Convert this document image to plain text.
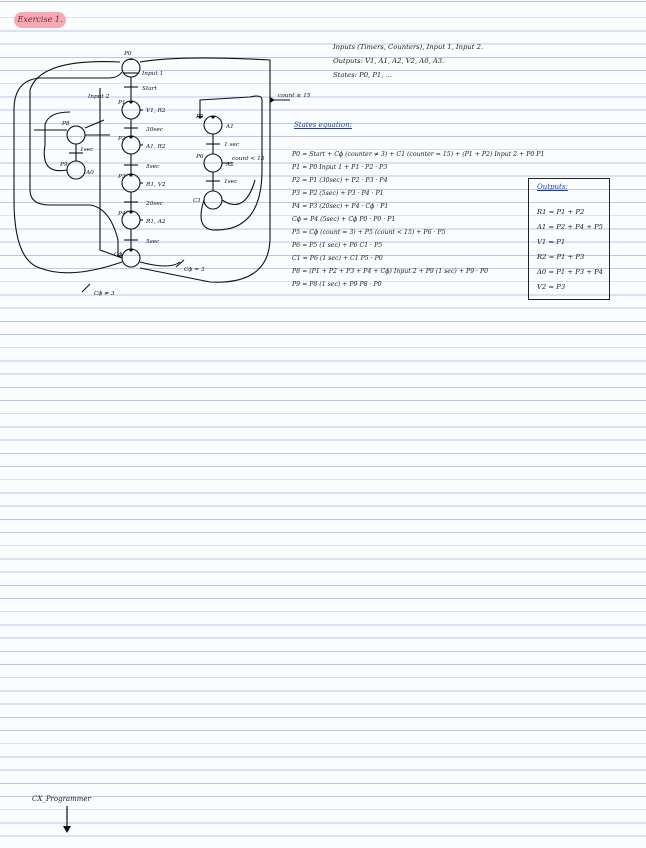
Exercise 1.
P0
P1
P2
P3
P4
Cϕ
P5
P6
C1
P8
P9
V1, R2
A1, R2
R1, V2
R1, A2
A1
A2
A0
Input 1
Start
30sec
5sec
20sec
5sec
1 sec
1sec
1sec
count ≥ 15
Cϕ = 3
Cϕ ≠ 3
Input 2
count < 15
Inputs (Timers, Counters), Input 1, Input 2.
Outputs: V1, A1, A2, V2, A0, A3.
States: P0, P1, ...
States equation:
P0 = Start + Cϕ (counter ≠ 3) + C1 (counter = 15) + (P1 + P2) Input 2 + P0 P1
P1 = P0 Input 1 + P1 · P2 · P3
P2 = P1 (30sec) + P2 · P3 · P4
P3 = P2 (5sec) + P3 · P4 · P1
P4 = P3 (20sec) + P4 · Cϕ · P1
Cϕ = P4 (5sec) + Cϕ P0 · P0 · P1
P5 = Cϕ (count = 3) + P5 (count < 15) + P6 · P5
P6 = P5 (1 sec) + P6 C1 · P5
C1 = P6 (1 sec) + C1 P5 · P0
P8 = (P1 + P2 + P3 + P4 + Cϕ) Input 2 + P9 (1 sec) + P9 · P0
P9 = P8 (1 sec) + P9 P8 · P0
Outputs:
R1 = P1 + P2
A1 = P2 + P4 + P5
V1 = P1
R2 = P1 + P3
A0 = P1 + P3 + P4
V2 = P3
CX_Programmer
